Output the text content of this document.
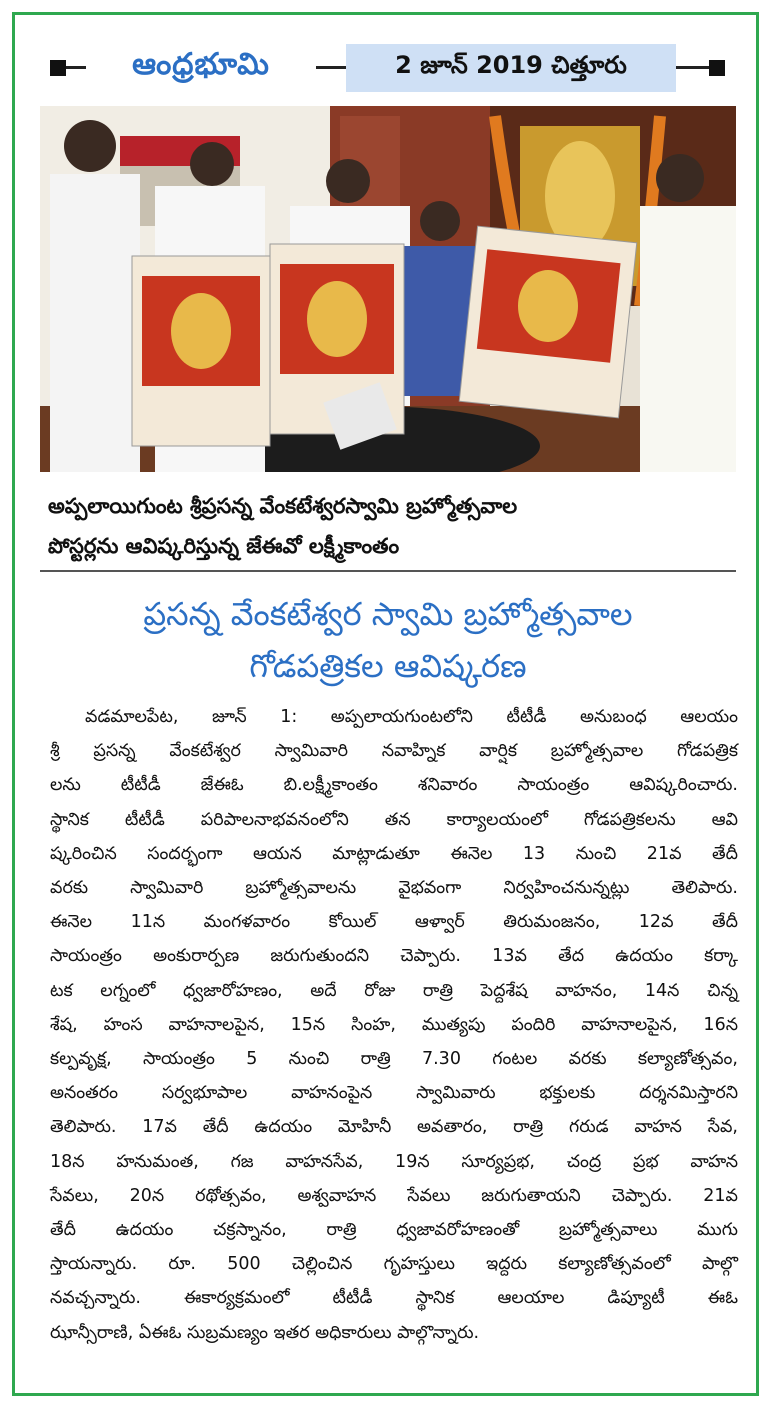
ఆంధ్రభూమి	2 జూన్ 2019 చిత్తూరు
అప్పలాయిగుంట శ్రీప్రసన్న వేంకటేశ్వరస్వామి బ్రహ్మోత్సవాల
పోస్టర్లను ఆవిష్కరిస్తున్న జేఈవో లక్ష్మీకాంతం
ప్రసన్న వేంకటేశ్వర స్వామి బ్రహ్మోత్సవాల
గోడపత్రికల ఆవిష్కరణ

వడమాలపేట, జూన్ 1: అప్పలాయగుంటలోని టీటీడీ అనుబంధ ఆలయం

శ్రీ ప్రసన్న వేంకటేశ్వర స్వామివారి నవాహ్నిక వార్షిక బ్రహ్మోత్సవాల గోడపత్రిక

లను టీటీడీ జేఈఓ బి.లక్ష్మీకాంతం శనివారం సాయంత్రం ఆవిష్కరించారు.

స్థానిక టీటీడీ పరిపాలనాభవనంలోని తన కార్యాలయంలో గోడపత్రికలను ఆవి

ష్కరించిన సందర్భంగా ఆయన మాట్లాడుతూ ఈనెల 13 నుంచి 21వ తేదీ

వరకు స్వామివారి బ్రహ్మోత్సవాలను వైభవంగా నిర్వహించనున్నట్లు తెలిపారు.

ఈనెల 11న మంగళవారం కోయిల్ ఆళ్వార్ తిరుమంజనం, 12వ తేదీ

సాయంత్రం అంకురార్పణ జరుగుతుందని చెప్పారు. 13వ తేద ఉదయం కర్కా

టక లగ్నంలో ధ్వజారోహణం, అదే రోజు రాత్రి పెద్దశేష వాహనం, 14న చిన్న

శేష, హంస వాహనాలపైన, 15న సింహ, ముత్యపు పందిరి వాహనాలపైన, 16న

కల్పవృక్ష, సాయంత్రం 5 నుంచి రాత్రి 7.30 గంటల వరకు కల్యాణోత్సవం,

అనంతరం సర్వభూపాల వాహనంపైన స్వామివారు భక్తులకు దర్శనమిస్తారని

తెలిపారు. 17వ తేదీ ఉదయం మోహినీ అవతారం, రాత్రి గరుడ వాహన సేవ,

18న హనుమంత, గజ వాహనసేవ, 19న సూర్యప్రభ, చంద్ర ప్రభ వాహన

సేవలు, 20న రథోత్సవం, అశ్వవాహన సేవలు జరుగుతాయని చెప్పారు. 21వ

తేదీ ఉదయం చక్రస్నానం, రాత్రి ధ్వజావరోహణంతో బ్రహ్మోత్సవాలు ముగు

స్తాయన్నారు. రూ. 500 చెల్లించిన గృహస్తులు ఇద్దరు కల్యాణోత్సవంలో పాల్గొ

నవచ్చన్నారు. ఈకార్యక్రమంలో టీటీడీ స్థానిక ఆలయాల డిప్యూటీ ఈఓ

ఝాన్సీరాణి, ఏఈఓ సుబ్రమణ్యం ఇతర అధికారులు పాల్గొన్నారు.
